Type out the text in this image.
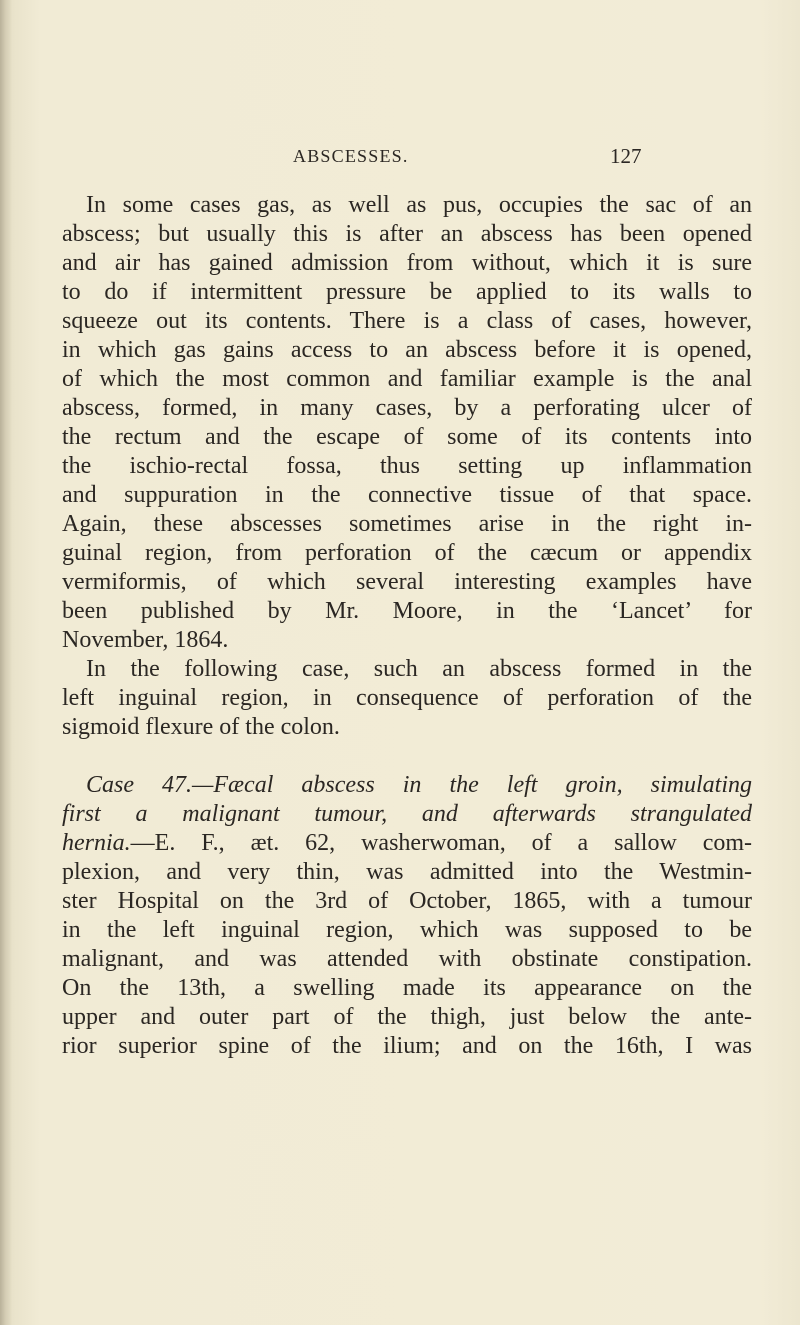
ABSCESSES.	127
In some cases gas, as well as pus, occupies the sac of an
abscess; but usually this is after an abscess has been opened
and air has gained admission from without, which it is sure
to do if intermittent pressure be applied to its walls to
squeeze out its contents. There is a class of cases, however,
in which gas gains access to an abscess before it is opened,
of which the most common and familiar example is the anal
abscess, formed, in many cases, by a perforating ulcer of
the rectum and the escape of some of its contents into
the ischio-rectal fossa, thus setting up inflammation
and suppuration in the connective tissue of that space.
Again, these abscesses sometimes arise in the right in-
guinal region, from perforation of the cæcum or appendix
vermiformis, of which several interesting examples have
been published by Mr. Moore, in the ‘Lancet’ for
November, 1864.
In the following case, such an abscess formed in the
left inguinal region, in consequence of perforation of the
sigmoid flexure of the colon.
Case 47.—Fæcal abscess in the left groin, simulating
first a malignant tumour, and afterwards strangulated
hernia.—E. F., æt. 62, washerwoman, of a sallow com-
plexion, and very thin, was admitted into the Westmin-
ster Hospital on the 3rd of October, 1865, with a tumour
in the left inguinal region, which was supposed to be
malignant, and was attended with obstinate constipation.
On the 13th, a swelling made its appearance on the
upper and outer part of the thigh, just below the ante-
rior superior spine of the ilium; and on the 16th, I was
